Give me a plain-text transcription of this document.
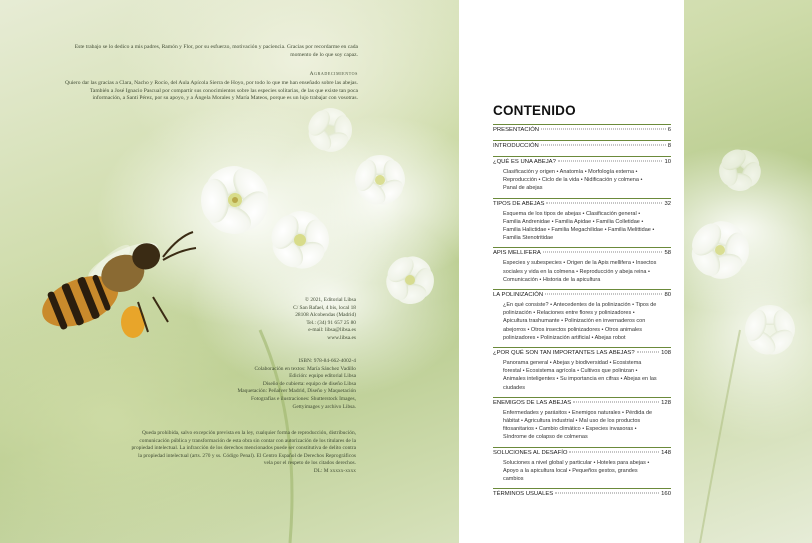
Este trabajo se lo dedico a mis padres, Ramón y Flor, por su esfuerzo, motivación y paciencia. Gracias por recordarme en cada momento de lo que soy capaz.

Agradecimientos

Quiero dar las gracias a Clara, Nacho y Rocío, del Aula Apícola Sierra de Hoyo, por todo lo que me han enseñado sobre las abejas. También a José Ignacio Pascual por compartir sus conocimientos sobre las especies solitarias, de las que existe tan poca información, a Santi Pérez, por su apoyo, y a Ángela Morales y María Mateos, porque es un lujo trabajar con vosotras.

© 2021, Editorial Libsa
C/ San Rafael, 4 bis, local 18
28108 Alcobendas (Madrid)
Tel.: (34) 91 657 25 80
e-mail: libsa@libsa.es
www.libsa.es
ISBN: 978-84-662-4002-4
Colaboración en textos: María Sánchez Vadillo
Edición: equipo editorial Libsa
Diseño de cubierta: equipo de diseño Libsa
Maquetación: Peñalver Madrid, Diseño y Maquetación
Fotografías e ilustraciones: Shutterstock Images,
Gettyimages y archivo Libsa.

Queda prohibida, salvo excepción prevista en la ley, cualquier forma de reproducción, distribución, comunicación pública y transformación de esta obra sin contar con autorización de los titulares de la propiedad intelectual. La infracción de los derechos mencionados puede ser constitutiva de delito contra la propiedad intelectual (arts. 270 y ss. Código Penal). El Centro Español de Derechos Reprográficos vela por el respeto de los citados derechos.

DL: M xxxxx-xxxx

CONTENIDO
PRESENTACIÓN	6
INTRODUCCIÓN	8
¿QUÉ ES UNA ABEJA?	10
Clasificación y origen • Anatomía • Morfología externa • Reproducción • Ciclo de la vida • Nidificación y colmena • Panal de abejas
TIPOS DE ABEJAS	32
Esquema de los tipos de abejas • Clasificación general • Familia Andrenidae • Familia Apidae • Familia Colletidae • Familia Halictidae • Familia Megachilidae • Familia Melittidae • Familia Stenotritidae
APIS MELLIFERA	58
Especies y subespecies • Origen de la Apis mellifera • Insectos sociales y vida en la colmena • Reproducción y abeja reina • Comunicación • Historia de la apicultura
LA POLINIZACIÓN	80
¿En qué consiste? • Antecedentes de la polinización • Tipos de polinización • Relaciones entre flores y polinizadores • Apicultura trashumante • Polinización en invernaderos con abejorros • Otros insectos polinizadores • Otros animales polinizadores • Polinización artificial • Abejas robot
¿POR QUÉ SON TAN IMPORTANTES LAS ABEJAS?	108
Panorama general • Abejas y biodiversidad • Ecosistema forestal • Ecosistema agrícola • Cultivos que polinizan • Animales inteligentes • Su importancia en cifras • Abejas en las ciudades
ENEMIGOS DE LAS ABEJAS	128
Enfermedades y parásitos • Enemigos naturales • Pérdida de hábitat • Agricultura industrial • Mal uso de los productos fitosanitarios • Cambio climático • Especies invasoras • Síndrome de colapso de colmenas
SOLUCIONES AL DESAFÍO	148
Soluciones a nivel global y particular • Hoteles para abejas • Apoyo a la apicultura local • Pequeños gestos, grandes cambios
TÉRMINOS USUALES	160
